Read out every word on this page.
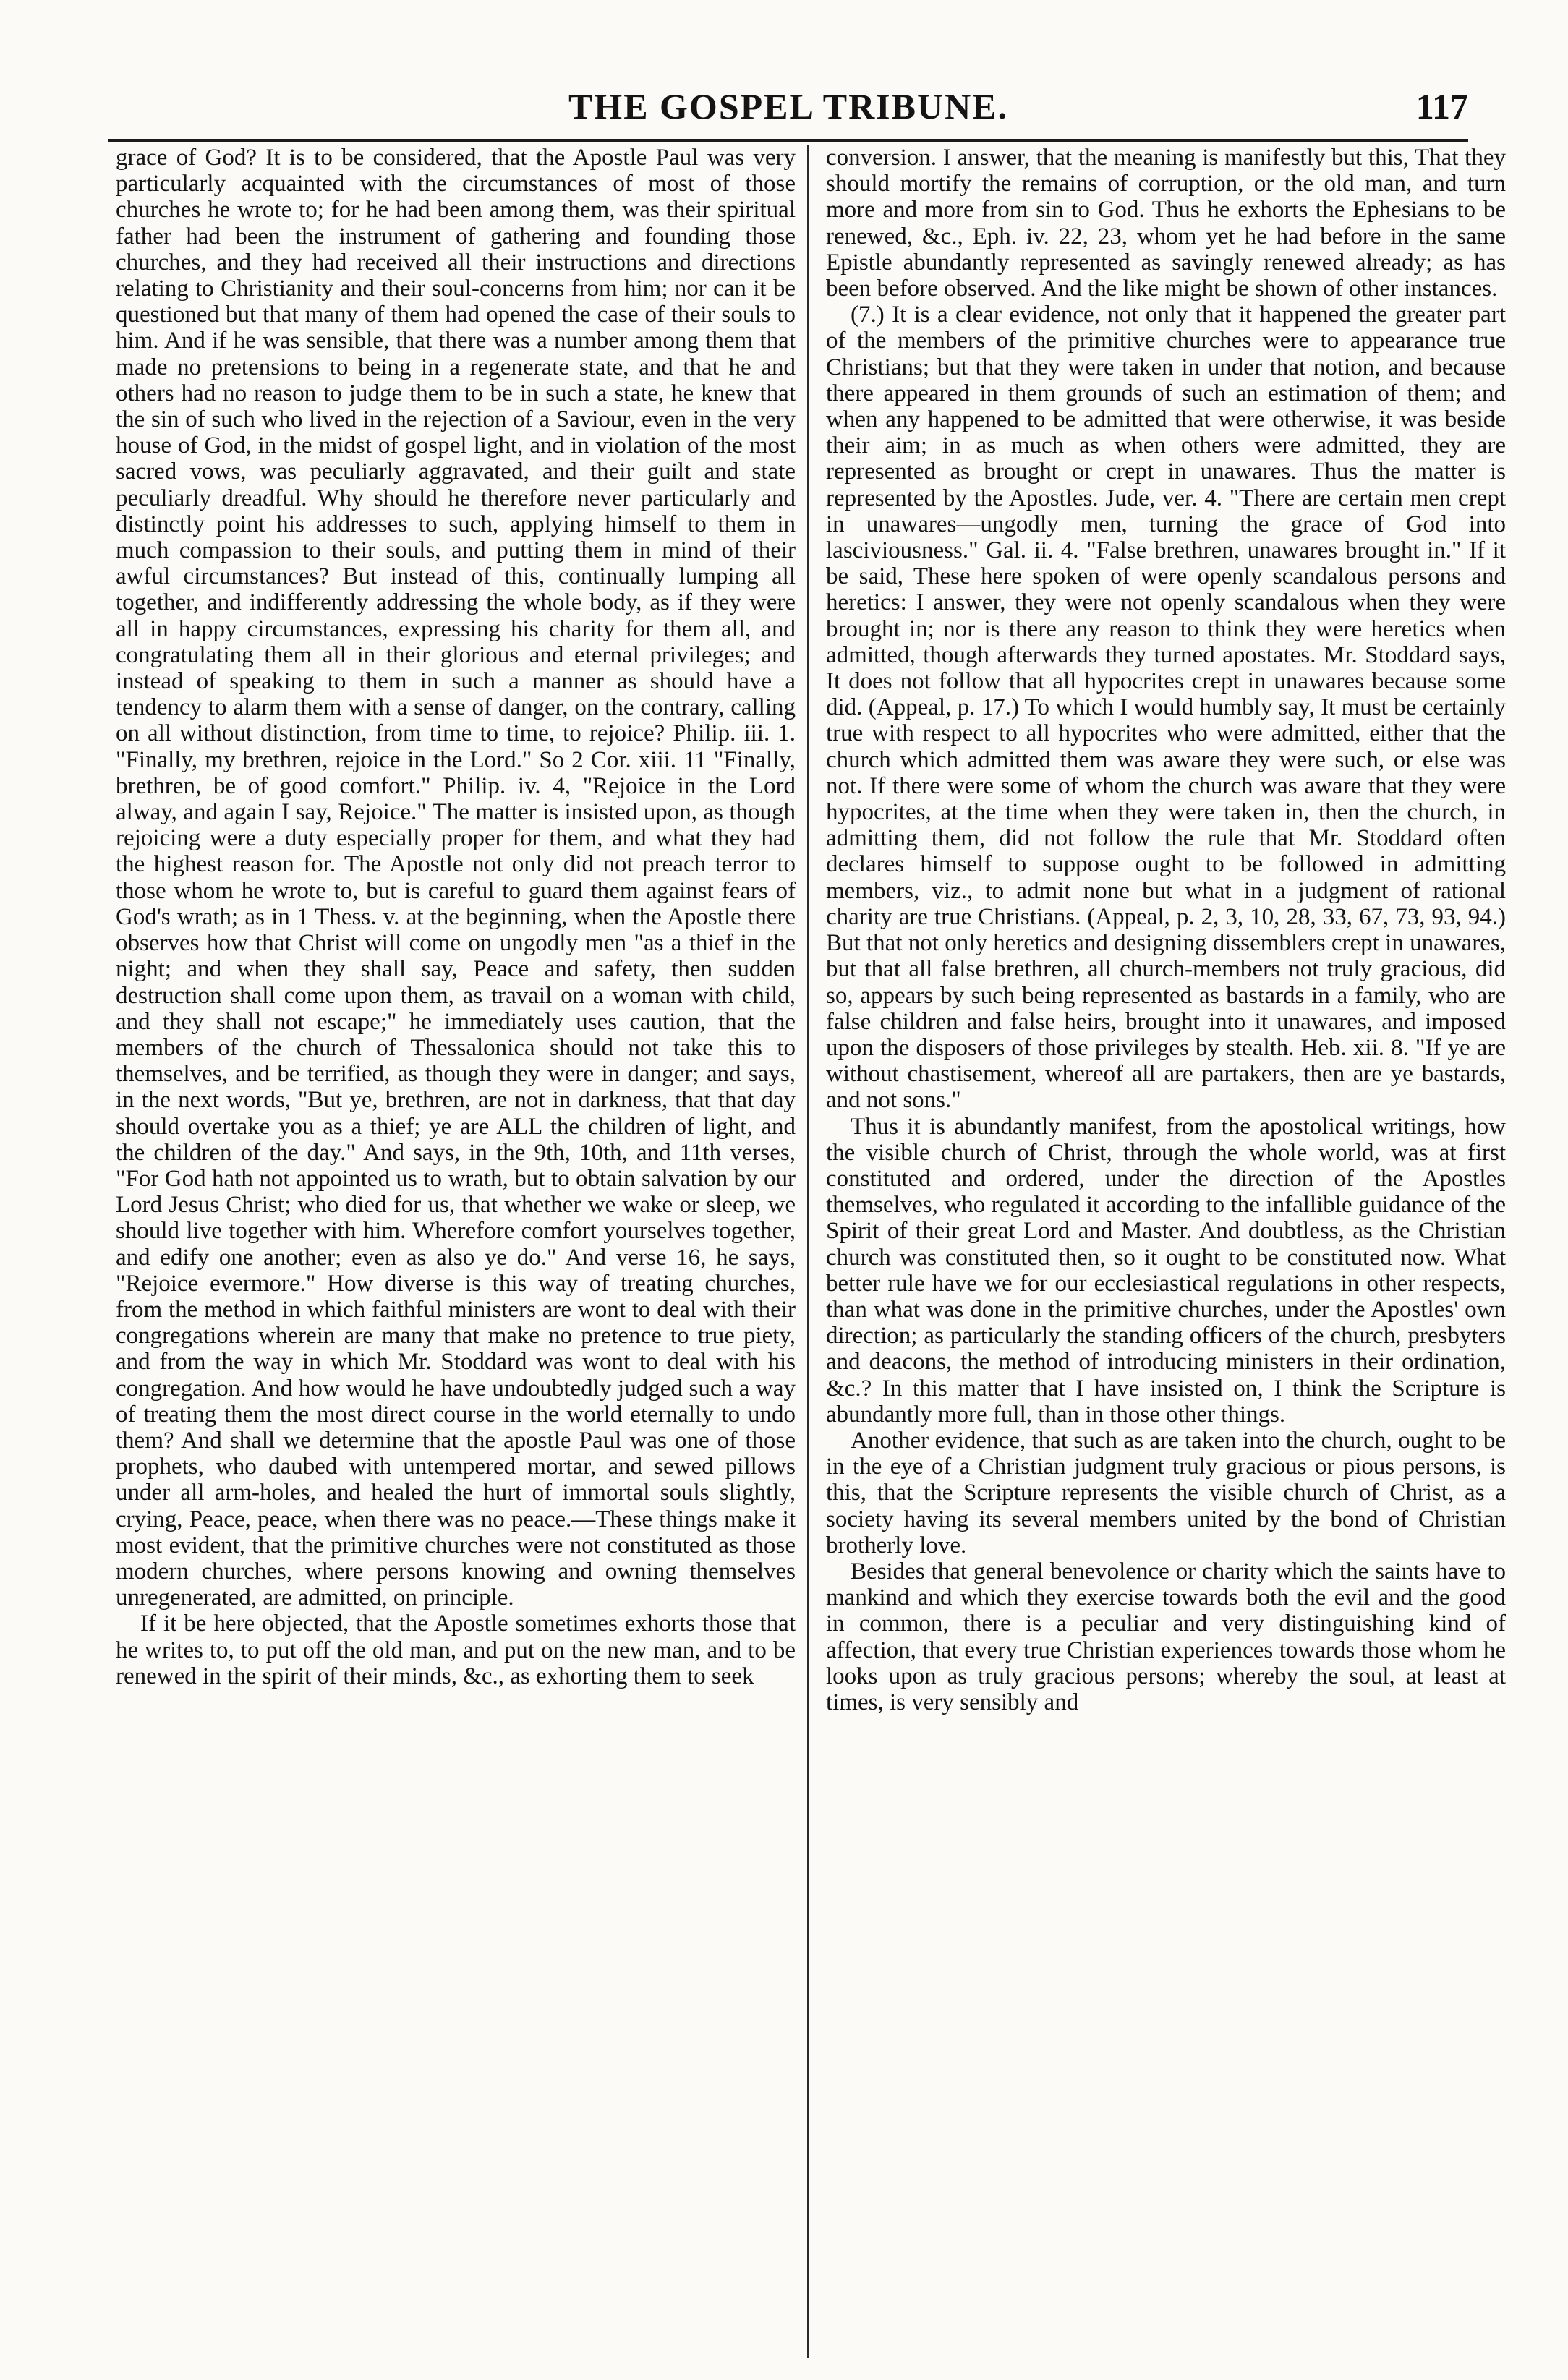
THE GOSPEL TRIBUNE.	117

grace of God? It is to be considered, that the Apostle Paul was very particularly acquainted with the circumstances of most of those churches he wrote to; for he had been among them, was their spiritual father had been the instrument of gathering and founding those churches, and they had received all their instructions and directions relating to Christianity and their soul-concerns from him; nor can it be questioned but that many of them had opened the case of their souls to him. And if he was sensible, that there was a number among them that made no pretensions to being in a regenerate state, and that he and others had no reason to judge them to be in such a state, he knew that the sin of such who lived in the rejection of a Saviour, even in the very house of God, in the midst of gospel light, and in violation of the most sacred vows, was peculiarly aggravated, and their guilt and state peculiarly dreadful. Why should he therefore never particularly and distinctly point his addresses to such, applying himself to them in much compassion to their souls, and putting them in mind of their awful circumstances? But instead of this, continually lumping all together, and indifferently addressing the whole body, as if they were all in happy circumstances, expressing his charity for them all, and congratulating them all in their glorious and eternal privileges; and instead of speaking to them in such a manner as should have a tendency to alarm them with a sense of danger, on the contrary, calling on all without distinction, from time to time, to rejoice? Philip. iii. 1. "Finally, my brethren, rejoice in the Lord." So 2 Cor. xiii. 11 "Finally, brethren, be of good comfort." Philip. iv. 4, "Rejoice in the Lord alway, and again I say, Rejoice." The matter is insisted upon, as though rejoicing were a duty especially proper for them, and what they had the highest reason for. The Apostle not only did not preach terror to those whom he wrote to, but is careful to guard them against fears of God's wrath; as in 1 Thess. v. at the beginning, when the Apostle there observes how that Christ will come on ungodly men "as a thief in the night; and when they shall say, Peace and safety, then sudden destruction shall come upon them, as travail on a woman with child, and they shall not escape;" he immediately uses caution, that the members of the church of Thessalonica should not take this to themselves, and be terrified, as though they were in danger; and says, in the next words, "But ye, brethren, are not in darkness, that that day should overtake you as a thief; ye are ALL the children of light, and the children of the day." And says, in the 9th, 10th, and 11th verses, "For God hath not appointed us to wrath, but to obtain salvation by our Lord Jesus Christ; who died for us, that whether we wake or sleep, we should live together with him. Wherefore comfort yourselves together, and edify one another; even as also ye do." And verse 16, he says, "Rejoice evermore." How diverse is this way of treating churches, from the method in which faithful ministers are wont to deal with their congregations wherein are many that make no pretence to true piety, and from the way in which Mr. Stoddard was wont to deal with his congregation. And how would he have undoubtedly judged such a way of treating them the most direct course in the world eternally to undo them? And shall we determine that the apostle Paul was one of those prophets, who daubed with untempered mortar, and sewed pillows under all arm-holes, and healed the hurt of immortal souls slightly, crying, Peace, peace, when there was no peace.—These things make it most evident, that the primitive churches were not constituted as those modern churches, where persons knowing and owning themselves unregenerated, are admitted, on principle.

If it be here objected, that the Apostle sometimes exhorts those that he writes to, to put off the old man, and put on the new man, and to be renewed in the spirit of their minds, &c., as exhorting them to seek

conversion. I answer, that the meaning is manifestly but this, That they should mortify the remains of corruption, or the old man, and turn more and more from sin to God. Thus he exhorts the Ephesians to be renewed, &c., Eph. iv. 22, 23, whom yet he had before in the same Epistle abundantly represented as savingly renewed already; as has been before observed. And the like might be shown of other instances.

(7.) It is a clear evidence, not only that it happened the greater part of the members of the primitive churches were to appearance true Christians; but that they were taken in under that notion, and because there appeared in them grounds of such an estimation of them; and when any happened to be admitted that were otherwise, it was beside their aim; in as much as when others were admitted, they are represented as brought or crept in unawares. Thus the matter is represented by the Apostles. Jude, ver. 4. "There are certain men crept in unawares—ungodly men, turning the grace of God into lasciviousness." Gal. ii. 4. "False brethren, unawares brought in." If it be said, These here spoken of were openly scandalous persons and heretics: I answer, they were not openly scandalous when they were brought in; nor is there any reason to think they were heretics when admitted, though afterwards they turned apostates. Mr. Stoddard says, It does not follow that all hypocrites crept in unawares because some did. (Appeal, p. 17.) To which I would humbly say, It must be certainly true with respect to all hypocrites who were admitted, either that the church which admitted them was aware they were such, or else was not. If there were some of whom the church was aware that they were hypocrites, at the time when they were taken in, then the church, in admitting them, did not follow the rule that Mr. Stoddard often declares himself to suppose ought to be followed in admitting members, viz., to admit none but what in a judgment of rational charity are true Christians. (Appeal, p. 2, 3, 10, 28, 33, 67, 73, 93, 94.) But that not only heretics and designing dissemblers crept in unawares, but that all false brethren, all church-members not truly gracious, did so, appears by such being represented as bastards in a family, who are false children and false heirs, brought into it unawares, and imposed upon the disposers of those privileges by stealth. Heb. xii. 8. "If ye are without chastisement, whereof all are partakers, then are ye bastards, and not sons."

Thus it is abundantly manifest, from the apostolical writings, how the visible church of Christ, through the whole world, was at first constituted and ordered, under the direction of the Apostles themselves, who regulated it according to the infallible guidance of the Spirit of their great Lord and Master. And doubtless, as the Christian church was constituted then, so it ought to be constituted now. What better rule have we for our ecclesiastical regulations in other respects, than what was done in the primitive churches, under the Apostles' own direction; as particularly the standing officers of the church, presbyters and deacons, the method of introducing ministers in their ordination, &c.? In this matter that I have insisted on, I think the Scripture is abundantly more full, than in those other things.

Another evidence, that such as are taken into the church, ought to be in the eye of a Christian judgment truly gracious or pious persons, is this, that the Scripture represents the visible church of Christ, as a society having its several members united by the bond of Christian brotherly love.

Besides that general benevolence or charity which the saints have to mankind and which they exercise towards both the evil and the good in common, there is a peculiar and very distinguishing kind of affection, that every true Christian experiences towards those whom he looks upon as truly gracious persons; whereby the soul, at least at times, is very sensibly and
